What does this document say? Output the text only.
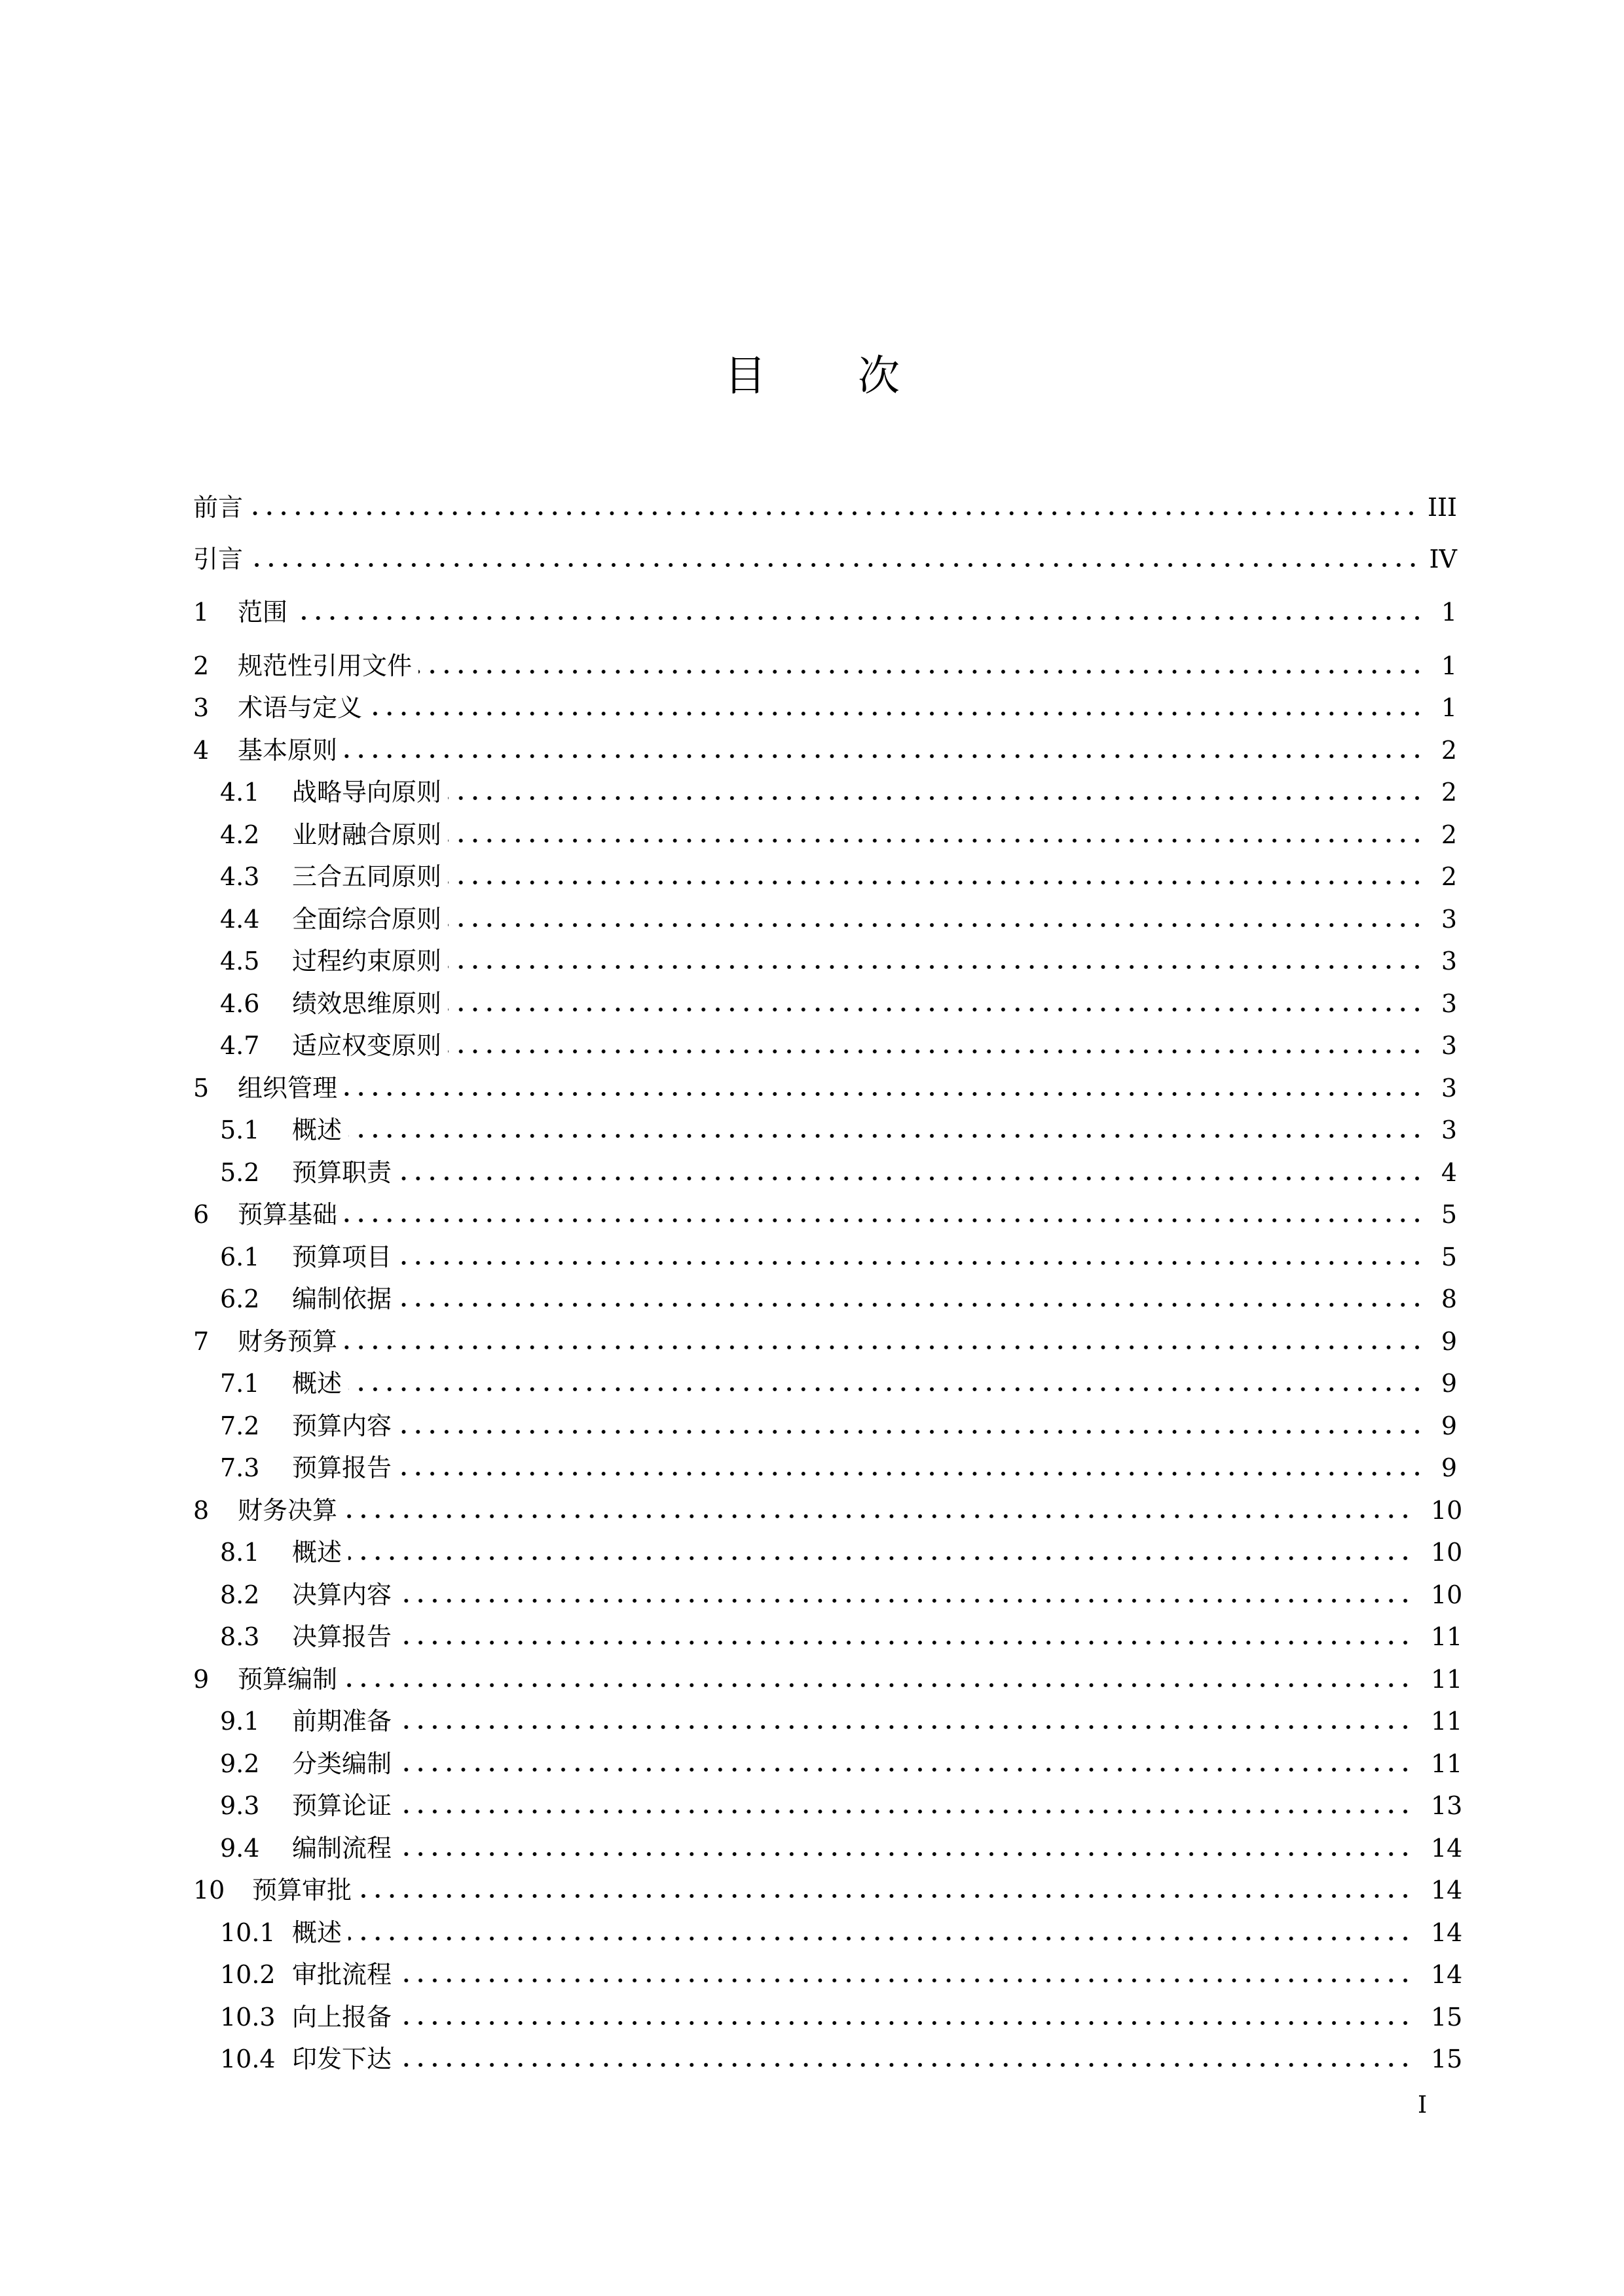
目次
前言	III
引言	IV
1	范围	1
2	规范性引用文件	1
3	术语与定义	1
4	基本原则	2
4.1	战略导向原则	2
4.2	业财融合原则	2
4.3	三合五同原则	2
4.4	全面综合原则	3
4.5	过程约束原则	3
4.6	绩效思维原则	3
4.7	适应权变原则	3
5	组织管理	3
5.1	概述	3
5.2	预算职责	4
6	预算基础	5
6.1	预算项目	5
6.2	编制依据	8
7	财务预算	9
7.1	概述	9
7.2	预算内容	9
7.3	预算报告	9
8	财务决算	10
8.1	概述	10
8.2	决算内容	10
8.3	决算报告	11
9	预算编制	11
9.1	前期准备	11
9.2	分类编制	11
9.3	预算论证	13
9.4	编制流程	14
10	预算审批	14
10.1 概述	14
10.2 审批流程	14
10.3 向上报备	15
10.4 印发下达	15
I
